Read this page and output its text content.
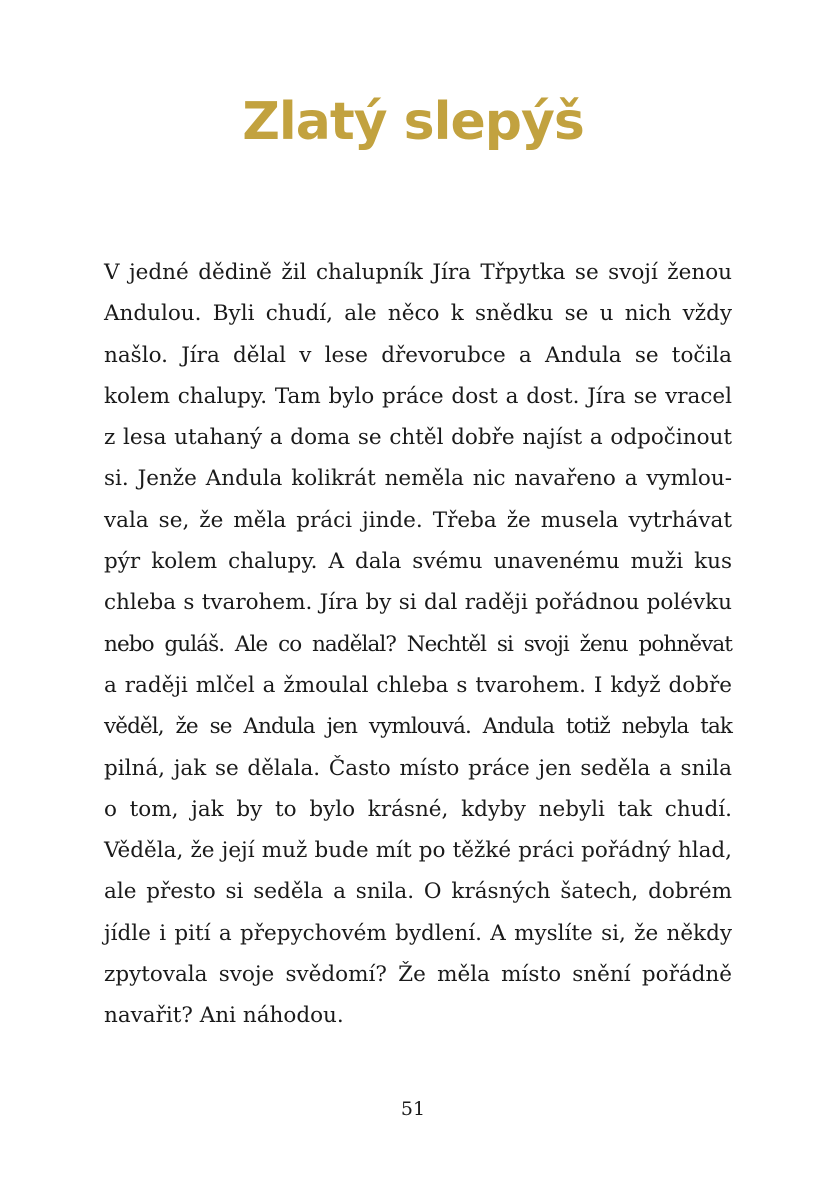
Zlatý slepýš
V jedné dědině žil chalupník Jíra Třpytka se svojí ženou
Andulou. Byli chudí, ale něco k snědku se u nich vždy
našlo. Jíra dělal v lese dřevorubce a Andula se točila
kolem chalupy. Tam bylo práce dost a dost. Jíra se vracel
z lesa utahaný a doma se chtěl dobře najíst a odpočinout
si. Jenže Andula kolikrát neměla nic navařeno a vymlou-
vala se, že měla práci jinde. Třeba že musela vytrhávat
pýr kolem chalupy. A dala svému unavenému muži kus
chleba s tvarohem. Jíra by si dal raději pořádnou polévku
nebo guláš. Ale co nadělal? Nechtěl si svoji ženu pohněvat
a raději mlčel a žmoulal chleba s tvarohem. I když dobře
věděl, že se Andula jen vymlouvá. Andula totiž nebyla tak
pilná, jak se dělala. Často místo práce jen seděla a snila
o tom, jak by to bylo krásné, kdyby nebyli tak chudí.
Věděla, že její muž bude mít po těžké práci pořádný hlad,
ale přesto si seděla a snila. O krásných šatech, dobrém
jídle i pití a přepychovém bydlení. A myslíte si, že někdy
zpytovala svoje svědomí? Že měla místo snění pořádně
navařit? Ani náhodou.
51
